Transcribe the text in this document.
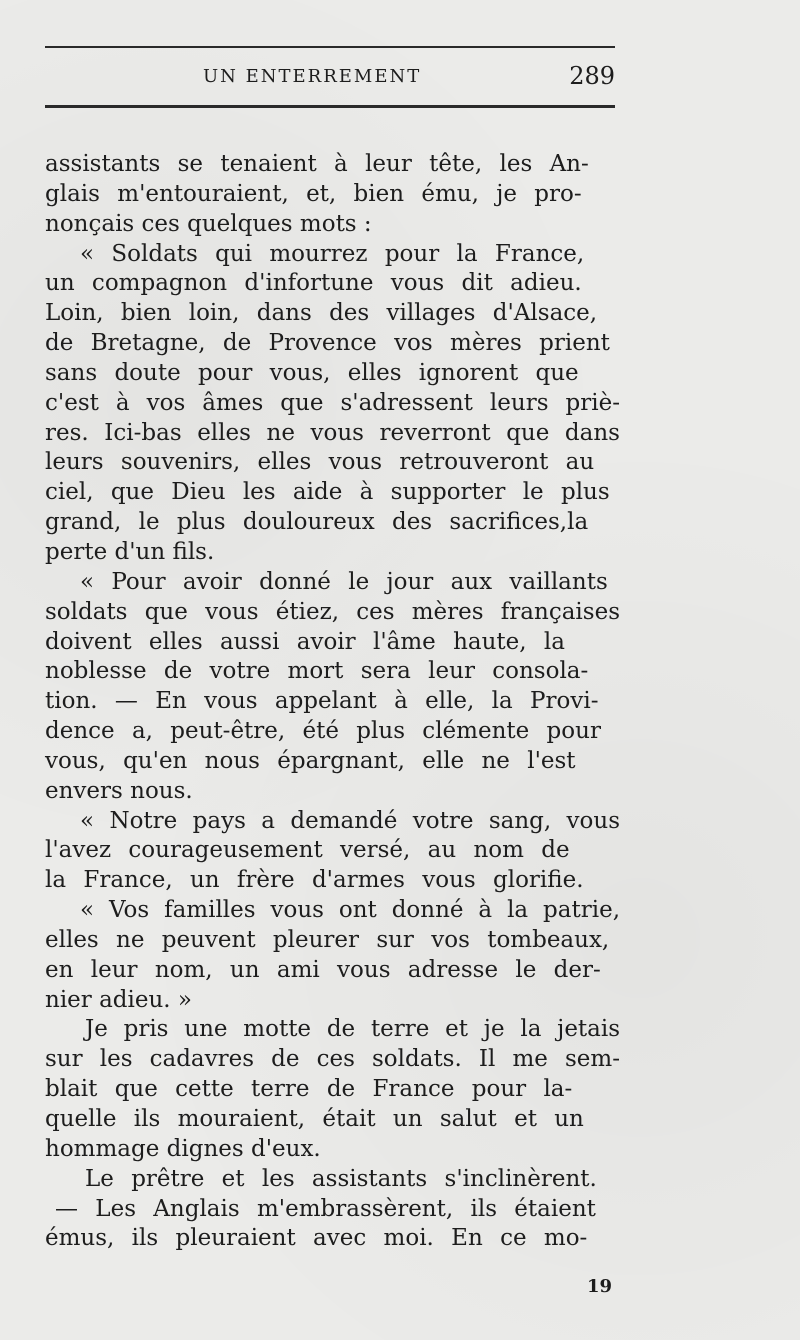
UN ENTERREMENT	289
assistants se tenaient à leur tête, les An-
glais m'entouraient, et, bien ému, je pro-
nonçais ces quelques mots :
« Soldats qui mourrez pour la France,
un compagnon d'infortune vous dit adieu.
Loin, bien loin, dans des villages d'Alsace,
de Bretagne, de Provence vos mères prient
sans doute pour vous, elles ignorent que
c'est à vos âmes que s'adressent leurs priè-
res. Ici-bas elles ne vous reverront que dans
leurs souvenirs, elles vous retrouveront au
ciel, que Dieu les aide à supporter le plus
grand, le plus douloureux des sacrifices,la
perte d'un fils.
« Pour avoir donné le jour aux vaillants
soldats que vous étiez, ces mères françaises
doivent elles aussi avoir l'âme haute, la
noblesse de votre mort sera leur consola-
tion. — En vous appelant à elle, la Provi-
dence a, peut-être, été plus clémente pour
vous, qu'en nous épargnant, elle ne l'est
envers nous.
« Notre pays a demandé votre sang, vous
l'avez courageusement versé, au nom de
la France, un frère d'armes vous glorifie.
« Vos familles vous ont donné à la patrie,
elles ne peuvent pleurer sur vos tombeaux,
en leur nom, un ami vous adresse le der-
nier adieu. »
Je pris une motte de terre et je la jetais
sur les cadavres de ces soldats. Il me sem-
blait que cette terre de France pour la-
quelle ils mouraient, était un salut et un
hommage dignes d'eux.
Le prêtre et les assistants s'inclinèrent.
— Les Anglais m'embrassèrent, ils étaient
émus, ils pleuraient avec moi. En ce mo-
19
